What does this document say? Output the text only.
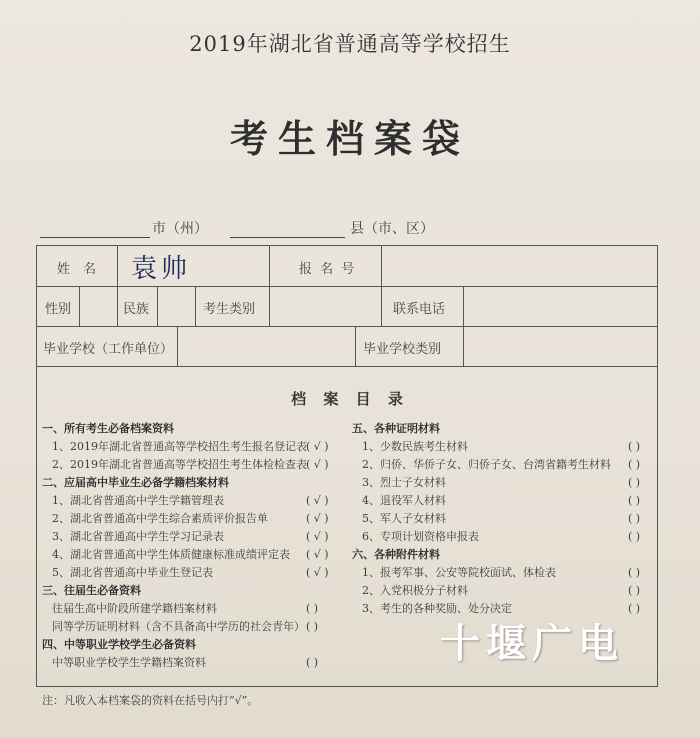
2019年湖北省普通高等学校招生
考生档案袋
市（州）	县（市、区）
姓　名 袁帅	报 名 号
性别	民族	考生类别	联系电话
毕业学校（工作单位）	毕业学校类别
档 案 目 录
一、所有考生必备档案资料
1、2019年湖北省普通高等学校招生考生报名登记表 ( √ )
2、2019年湖北省普通高等学校招生考生体检检查表 ( √ )
二、应届高中毕业生必备学籍档案材料
1、湖北省普通高中学生学籍管理表	( √ )
2、湖北省普通高中学生综合素质评价报告单	( √ )
3、湖北省普通高中学生学习记录表	( √ )
4、湖北省普通高中学生体质健康标准成绩评定表 ( √ )
5、湖北省普通高中毕业生登记表	( √ )
三、往届生必备资料
往届生高中阶段所建学籍档案材料	( )
同等学历证明材料（含不具备高中学历的社会青年） ( )
四、中等职业学校学生必备资料
中等职业学校学生学籍档案资料	( )
五、各种证明材料
1、少数民族考生材料	( )
2、归侨、华侨子女、归侨子女、台湾省籍考生材料 ( )
3、烈士子女材料	( )
4、退役军人材料	( )
5、军人子女材料	( )
6、专项计划资格申报表	( )
六、各种附件材料
1、报考军事、公安等院校面试、体检表	( )
2、入党积极分子材料	( )
3、考生的各种奖励、处分决定	( )
注：凡收入本档案袋的资料在括号内打“√”。
十堰广电
